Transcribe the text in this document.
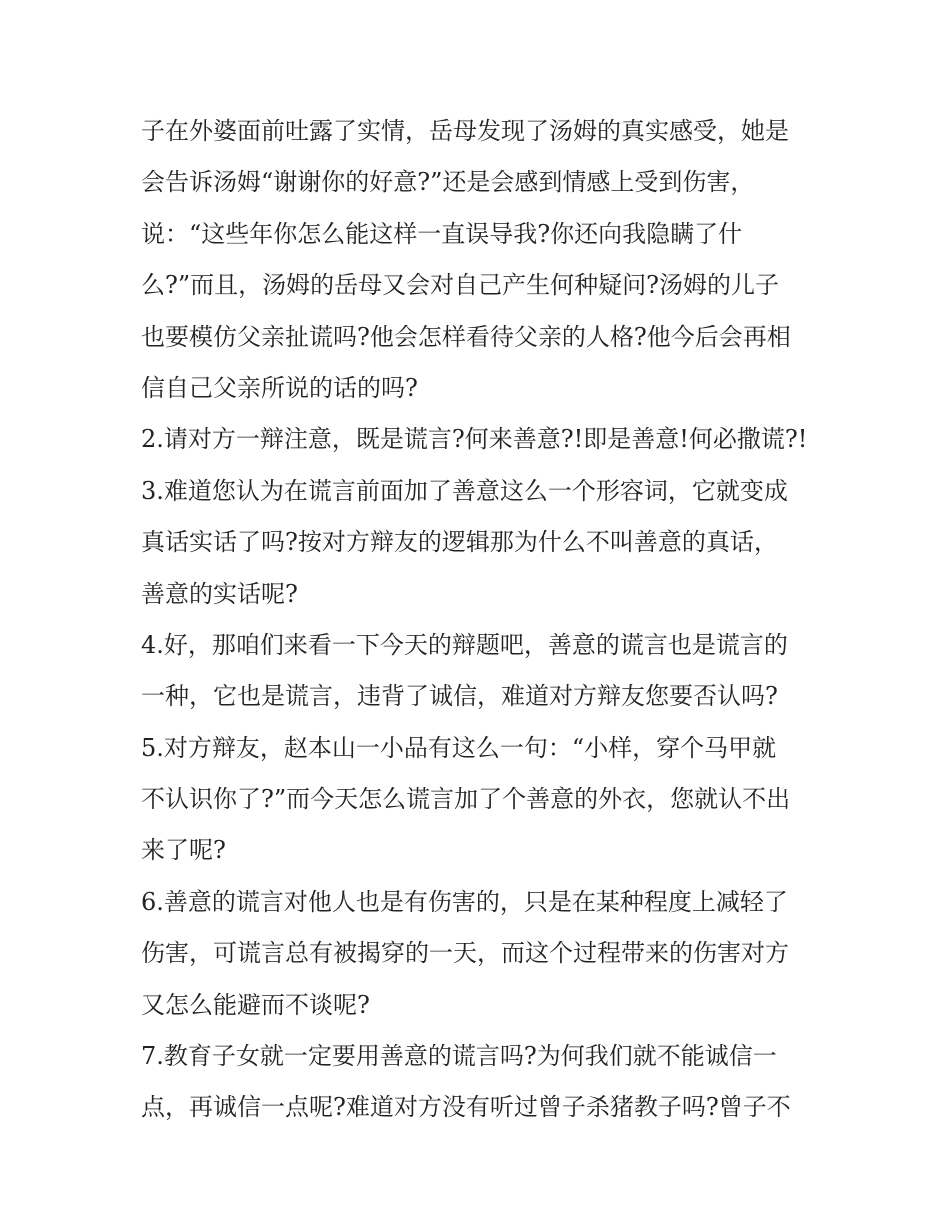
子在外婆面前吐露了实情，岳母发现了汤姆的真实感受，她是
会告诉汤姆“谢谢你的好意?”还是会感到情感上受到伤害，
说：“这些年你怎么能这样一直误导我?你还向我隐瞒了什
么?”而且，汤姆的岳母又会对自己产生何种疑问?汤姆的儿子
也要模仿父亲扯谎吗?他会怎样看待父亲的人格?他今后会再相
信自己父亲所说的话的吗?
2.请对方一辩注意，既是谎言?何来善意?!即是善意!何必撒谎?!
3.难道您认为在谎言前面加了善意这么一个形容词，它就变成
真话实话了吗?按对方辩友的逻辑那为什么不叫善意的真话，
善意的实话呢?
4.好，那咱们来看一下今天的辩题吧，善意的谎言也是谎言的
一种，它也是谎言，违背了诚信，难道对方辩友您要否认吗?
5.对方辩友，赵本山一小品有这么一句：“小样，穿个马甲就
不认识你了?”而今天怎么谎言加了个善意的外衣，您就认不出
来了呢?
6.善意的谎言对他人也是有伤害的，只是在某种程度上减轻了
伤害，可谎言总有被揭穿的一天，而这个过程带来的伤害对方
又怎么能避而不谈呢?
7.教育子女就一定要用善意的谎言吗?为何我们就不能诚信一
点，再诚信一点呢?难道对方没有听过曾子杀猪教子吗?曾子不
